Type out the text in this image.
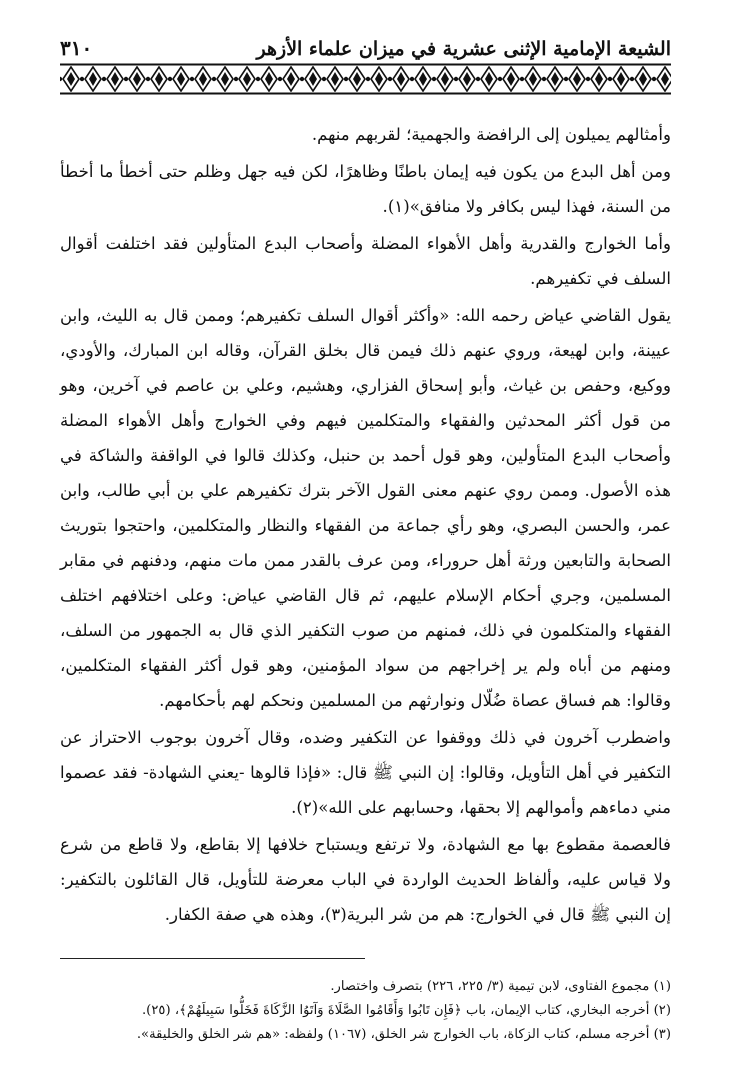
الشيعة الإمامية الإثنى عشرية في ميزان علماء الأزهر
٣١٠

وأمثالهم يميلون إلى الرافضة والجهمية؛ لقربهم منهم.

ومن أهل البدع من يكون فيه إيمان باطنًا وظاهرًا، لكن فيه جهل وظلم حتى أخطأ ما أخطأ من السنة، فهذا ليس بكافر ولا منافق»(١).

وأما الخوارج والقدرية وأهل الأهواء المضلة وأصحاب البدع المتأولين فقد اختلفت أقوال السلف في تكفيرهم.

يقول القاضي عياض رحمه الله: «وأكثر أقوال السلف تكفيرهم؛ وممن قال به الليث، وابن عيينة، وابن لهيعة، وروي عنهم ذلك فيمن قال بخلق القرآن، وقاله ابن المبارك، والأودي، ووكيع، وحفص بن غياث، وأبو إسحاق الفزاري، وهشيم، وعلي بن عاصم في آخرين، وهو من قول أكثر المحدثين والفقهاء والمتكلمين فيهم وفي الخوارج وأهل الأهواء المضلة وأصحاب البدع المتأولين، وهو قول أحمد بن حنبل، وكذلك قالوا في الواقفة والشاكة في هذه الأصول. وممن روي عنهم معنى القول الآخر بترك تكفيرهم علي بن أبي طالب، وابن عمر، والحسن البصري، وهو رأي جماعة من الفقهاء والنظار والمتكلمين، واحتجوا بتوريث الصحابة والتابعين ورثة أهل حروراء، ومن عرف بالقدر ممن مات منهم، ودفنهم في مقابر المسلمين، وجري أحكام الإسلام عليهم، ثم قال القاضي عياض: وعلى اختلافهم اختلف الفقهاء والمتكلمون في ذلك، فمنهم من صوب التكفير الذي قال به الجمهور من السلف، ومنهم من أباه ولم ير إخراجهم من سواد المؤمنين، وهو قول أكثر الفقهاء المتكلمين، وقالوا: هم فساق عصاة ضُلّال ونوارثهم من المسلمين ونحكم لهم بأحكامهم.

واضطرب آخرون في ذلك ووقفوا عن التكفير وضده، وقال آخرون بوجوب الاحتراز عن التكفير في أهل التأويل، وقالوا: إن النبي ﷺ قال: «فإذا قالوها -يعني الشهادة- فقد عصموا مني دماءهم وأموالهم إلا بحقها، وحسابهم على الله»(٢).

فالعصمة مقطوع بها مع الشهادة، ولا ترتفع ويستباح خلافها إلا بقاطع، ولا قاطع من شرع ولا قياس عليه، وألفاظ الحديث الواردة في الباب معرضة للتأويل، قال القائلون بالتكفير: إن النبي ﷺ قال في الخوارج: هم من شر البرية(٣)، وهذه هي صفة الكفار.

(١) مجموع الفتاوى، لابن تيمية (٣/ ٢٢٥، ٢٢٦) بتصرف واختصار.

(٢) أخرجه البخاري، كتاب الإيمان، باب ﴿فَإِن تَابُوا وَأَقَامُوا الصَّلَاةَ وَآتَوُا الزَّكَاةَ فَخَلُّوا سَبِيلَهُمْ﴾، (٢٥).

(٣) أخرجه مسلم، كتاب الزكاة، باب الخوارج شر الخلق، (١٠٦٧) ولفظه: «هم شر الخلق والخليقة».
